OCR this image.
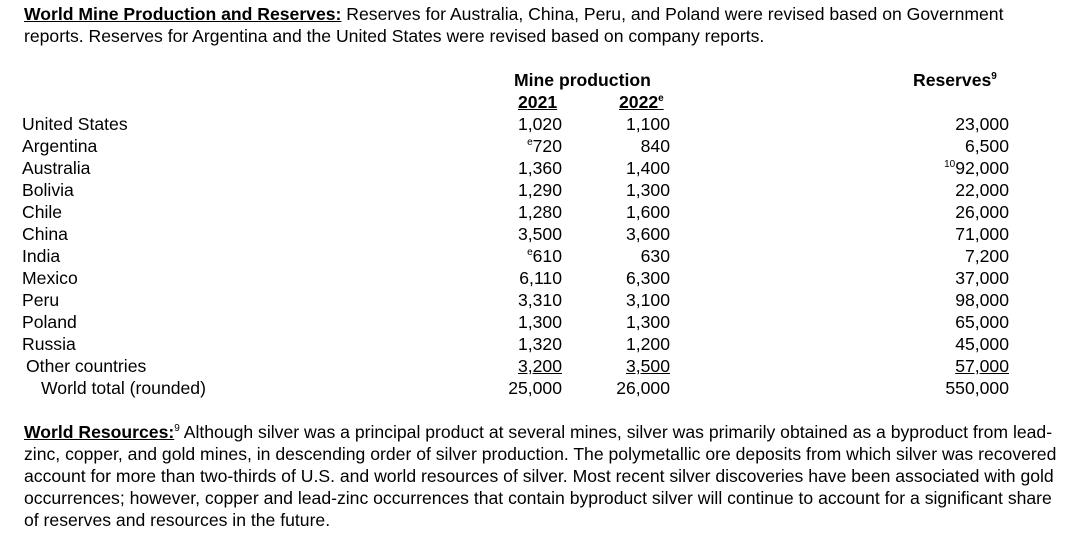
World Mine Production and Reserves: Reserves for Australia, China, Peru, and Poland were revised based on Government reports. Reserves for Argentina and the United States were revised based on company reports.
Mine production	Reserves$^9$
2021	2022e
United States	1,020	1,100	23,000
Argentina	$^e$720	840	6,500
Australia	1,360	1,400	$^{10}$92,000
Bolivia	1,290	1,300	22,000
Chile	1,280	1,600	26,000
China	3,500	3,600	71,000
India	$^e$610	630	7,200
Mexico	6,110	6,300	37,000
Peru	3,310	3,100	98,000
Poland	1,300	1,300	65,000
Russia	1,320	1,200	45,000
Other countries	3,200	3,500	57,000
World total (rounded)	25,000	26,000	550,000
World Resources:$^9$ Although silver was a principal product at several mines, silver was primarily obtained as a byproduct from lead-zinc, copper, and gold mines, in descending order of silver production. The polymetallic ore deposits from which silver was recovered account for more than two-thirds of U.S. and world resources of silver. Most recent silver discoveries have been associated with gold occurrences; however, copper and lead-zinc occurrences that contain byproduct silver will continue to account for a significant share of reserves and resources in the future.
